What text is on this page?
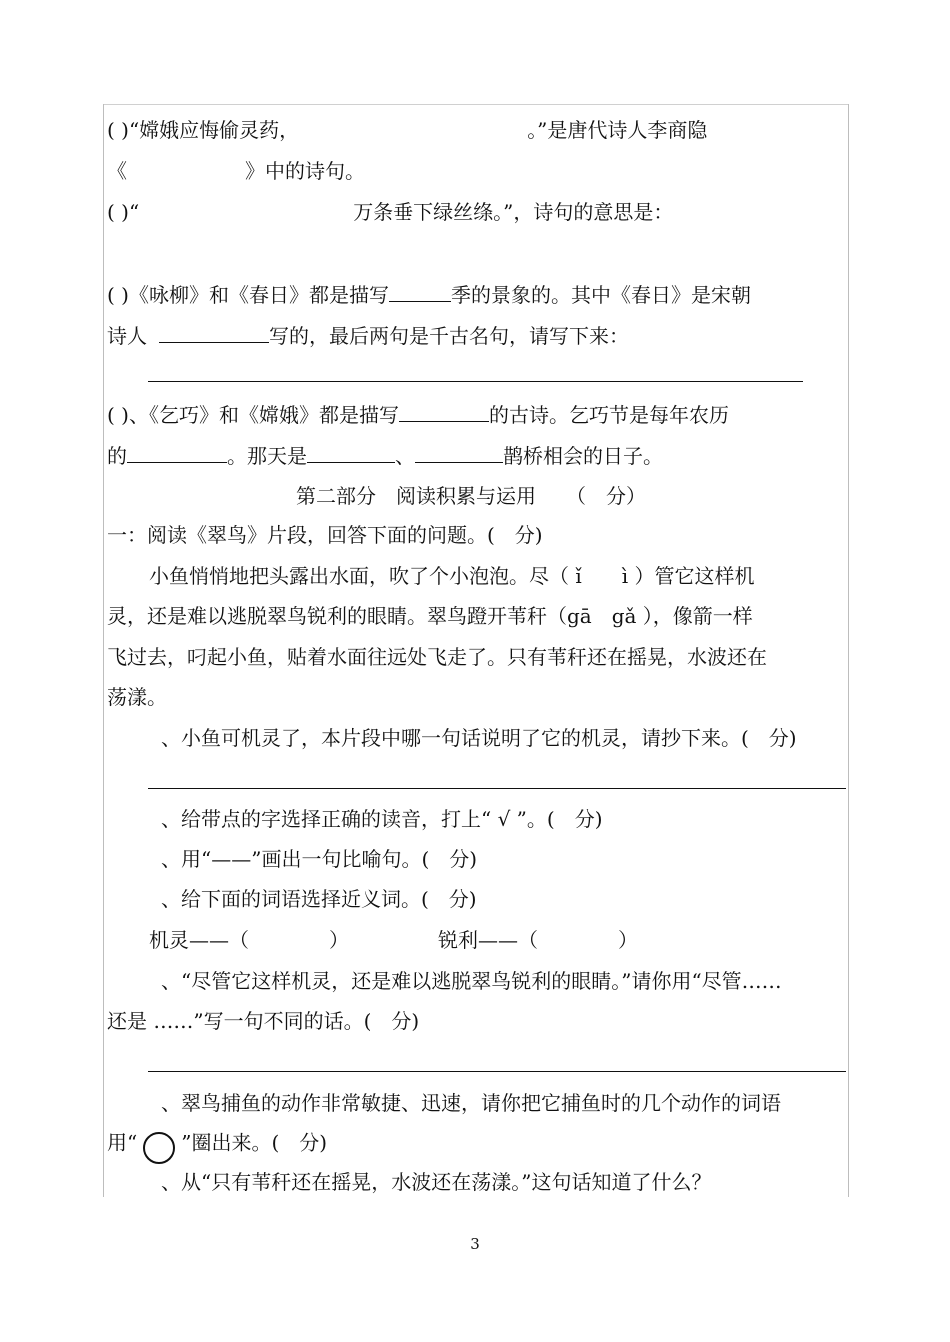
( )“嫦娥应悔偷灵药，	。”是唐代诗人李商隐
《	》中的诗句。
( )“	万条垂下绿丝绦。”，诗句的意思是：
( )《咏柳》和《春日》都是描写	季的景象的。其中《春日》是宋朝
诗人	写的，最后两句是千古名句，请写下来：
( )、《乞巧》和《嫦娥》都是描写	的古诗。乞巧节是每年农历
的	。那天是	、	鹊桥相会的日子。
第二部分　阅读积累与运用　　（　分）
一：阅读《翠鸟》片段，回答下面的问题。(　分)
小鱼悄悄地把头露出水面，吹了个小泡泡。尽（ ǐ　　ì ）管它这样机
灵，还是难以逃脱翠鸟锐利的眼睛。翠鸟蹬开苇秆（gā　gǎ ），像箭一样
飞过去，叼起小鱼，贴着水面往远处飞走了。只有苇秆还在摇晃，水波还在
荡漾。
、小鱼可机灵了，本片段中哪一句话说明了它的机灵，请抄下来。(　分)
、给带点的字选择正确的读音，打上“ √ ”。(　分)
、用“——”画出一句比喻句。(　分)
、给下面的词语选择近义词。(　分)
机灵——（　　　　）	锐利——（　　　　）
、“尽管它这样机灵，还是难以逃脱翠鸟锐利的眼睛。”请你用“尽管……
还是 ……”写一句不同的话。(　分)
、翠鸟捕鱼的动作非常敏捷、迅速，请你把它捕鱼时的几个动作的词语
用“ ”圈出来。(　分)
、从“只有苇秆还在摇晃，水波还在荡漾。”这句话知道了什么？
3
